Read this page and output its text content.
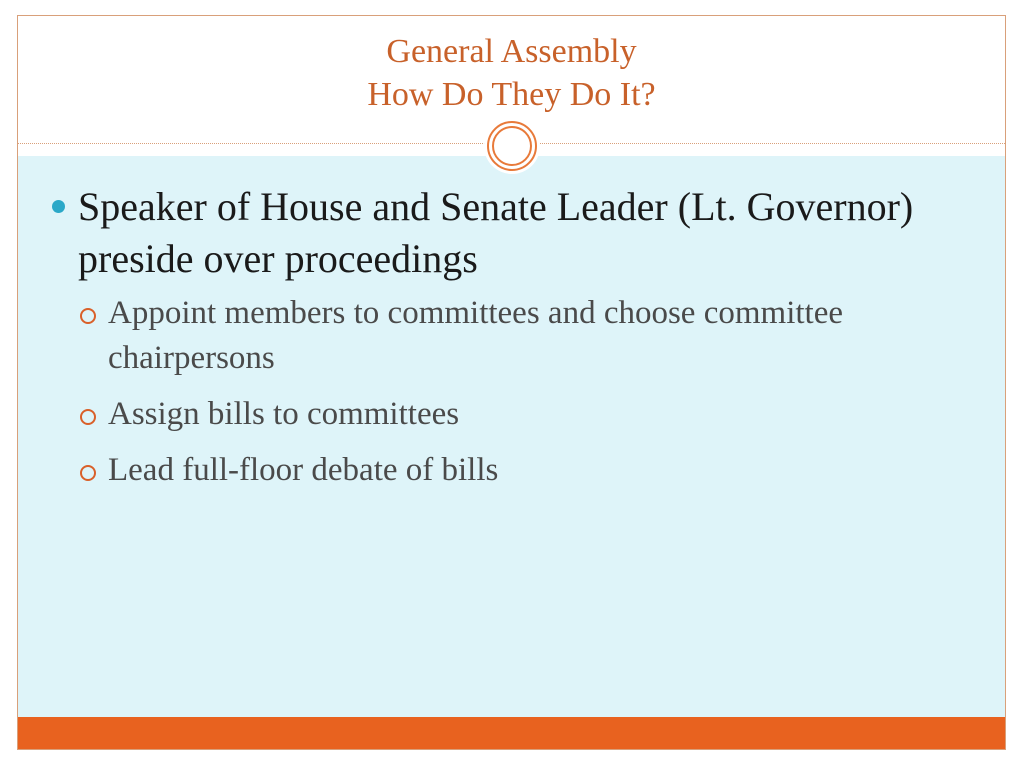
General Assembly
How Do They Do It?
Speaker of House and Senate Leader (Lt. Governor) preside over proceedings
Appoint members to committees and choose committee chairpersons
Assign bills to committees
Lead full-floor debate of bills
